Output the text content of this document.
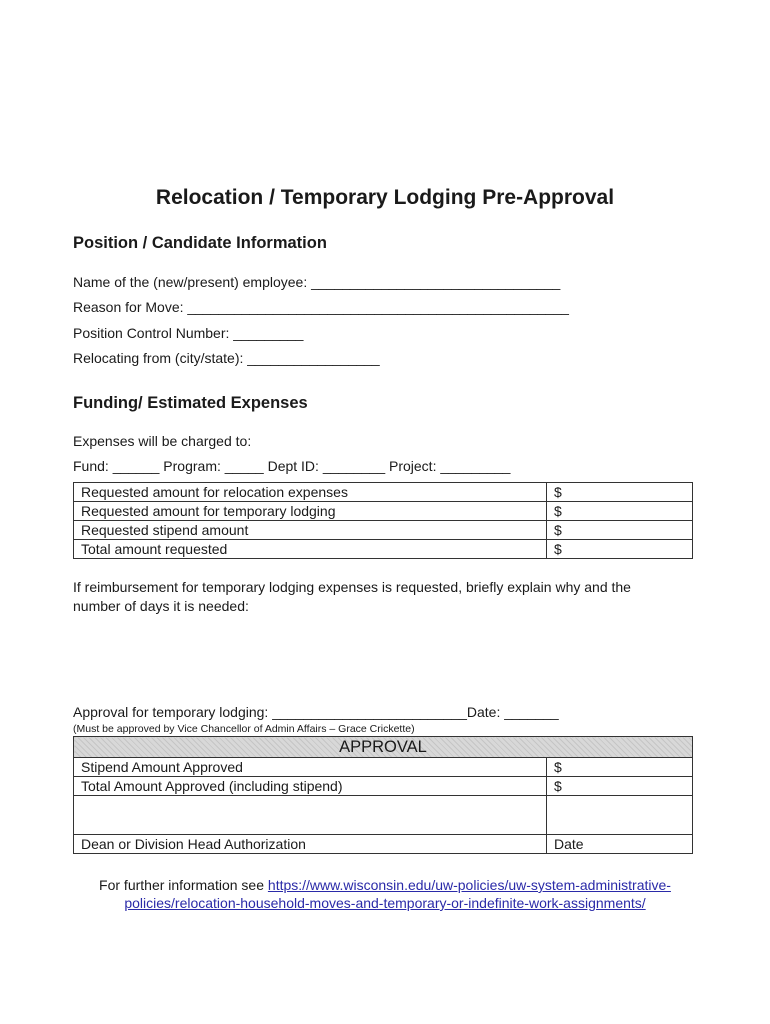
Relocation / Temporary Lodging Pre-Approval
Position / Candidate Information
Name of the (new/present) employee: ________________________________
Reason for Move: _________________________________________________
Position Control Number: _________
Relocating from (city/state): _________________
Funding/ Estimated Expenses
Expenses will be charged to:
Fund: ______ Program: _____ Dept ID: ________ Project: _________
Requested amount for relocation expenses	$
Requested amount for temporary lodging	$
Requested stipend amount	$
Total amount requested	$
If reimbursement for temporary lodging expenses is requested, briefly explain why and the
number of days it is needed:
Approval for temporary lodging: _________________________Date: _______
(Must be approved by Vice Chancellor of Admin Affairs – Grace Crickette)
APPROVAL	
Stipend Amount Approved	$
Total Amount Approved (including stipend)	$

Dean or Division Head Authorization	Date
For further information see https://www.wisconsin.edu/uw-policies/uw-system-administrative-
policies/relocation-household-moves-and-temporary-or-indefinite-work-assignments/
